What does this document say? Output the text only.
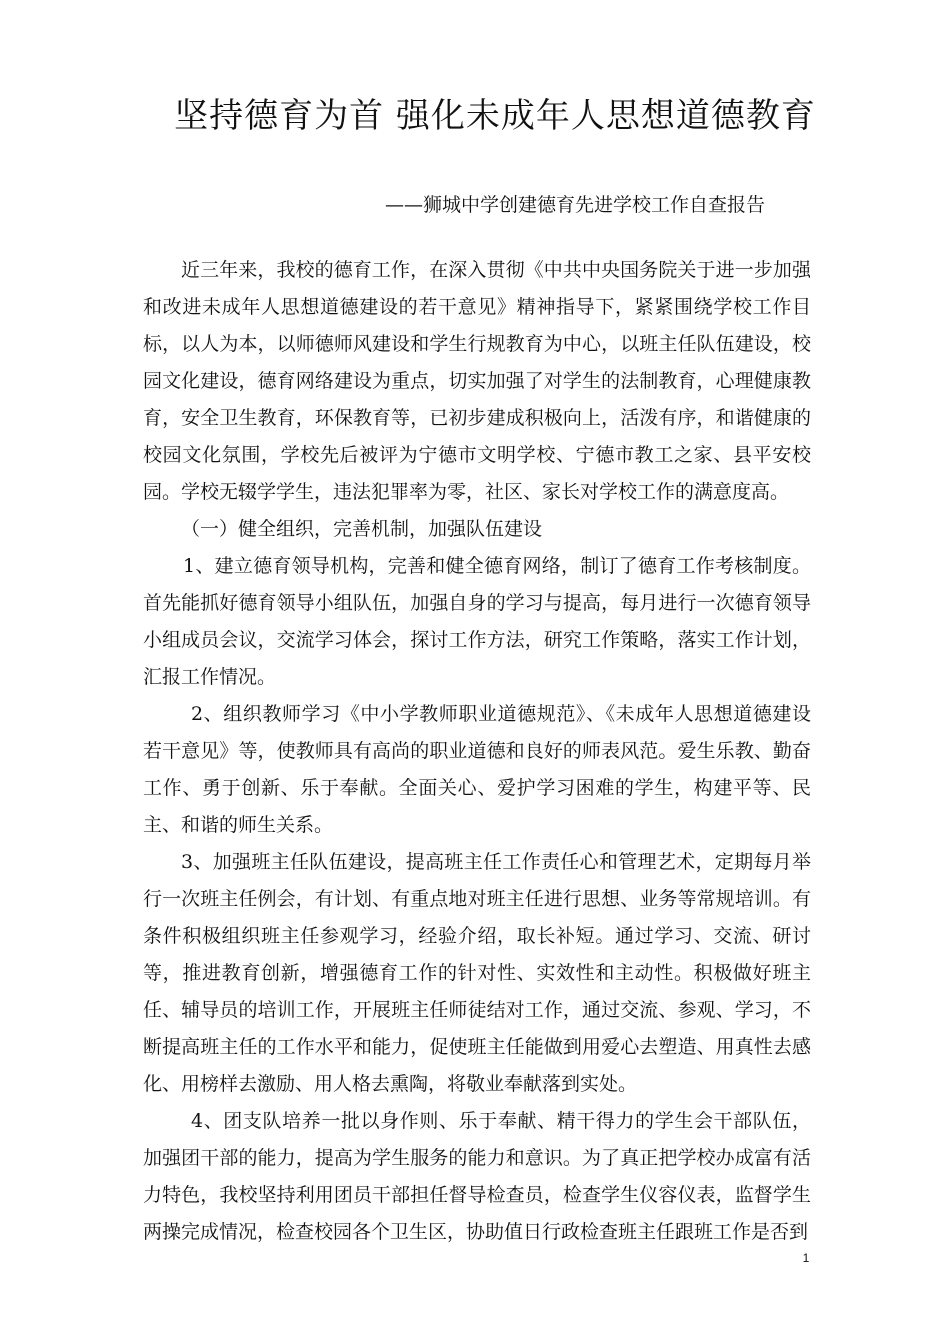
坚持德育为首 强化未成年人思想道德教育
——狮城中学创建德育先进学校工作自查报告

近三年来，我校的德育工作，在深入贯彻《中共中央国务院关于进一步加强和改进未成年人思想道德建设的若干意见》精神指导下，紧紧围绕学校工作目标，以人为本，以师德师风建设和学生行规教育为中心，以班主任队伍建设，校园文化建设，德育网络建设为重点，切实加强了对学生的法制教育，心理健康教育，安全卫生教育，环保教育等，已初步建成积极向上，活泼有序，和谐健康的校园文化氛围，学校先后被评为宁德市文明学校、宁德市教工之家、县平安校园。学校无辍学学生，违法犯罪率为零，社区、家长对学校工作的满意度高。

（一）健全组织，完善机制，加强队伍建设

1、建立德育领导机构，完善和健全德育网络，制订了德育工作考核制度。首先能抓好德育领导小组队伍，加强自身的学习与提高，每月进行一次德育领导小组成员会议，交流学习体会，探讨工作方法，研究工作策略，落实工作计划，汇报工作情况。

2、组织教师学习《中小学教师职业道德规范》、《未成年人思想道德建设若干意见》等，使教师具有高尚的职业道德和良好的师表风范。爱生乐教、勤奋工作、勇于创新、乐于奉献。全面关心、爱护学习困难的学生，构建平等、民主、和谐的师生关系。

3、加强班主任队伍建设，提高班主任工作责任心和管理艺术，定期每月举行一次班主任例会，有计划、有重点地对班主任进行思想、业务等常规培训。有条件积极组织班主任参观学习，经验介绍，取长补短。通过学习、交流、研讨等，推进教育创新，增强德育工作的针对性、实效性和主动性。积极做好班主任、辅导员的培训工作，开展班主任师徒结对工作，通过交流、参观、学习，不断提高班主任的工作水平和能力，促使班主任能做到用爱心去塑造、用真性去感化、用榜样去激励、用人格去熏陶，将敬业奉献落到实处。

4、团支队培养一批以身作则、乐于奉献、精干得力的学生会干部队伍，加强团干部的能力，提高为学生服务的能力和意识。为了真正把学校办成富有活力特色，我校坚持利用团员干部担任督导检查员，检查学生仪容仪表，监督学生两操完成情况，检查校园各个卫生区，协助值日行政检查班主任跟班工作是否到

1
